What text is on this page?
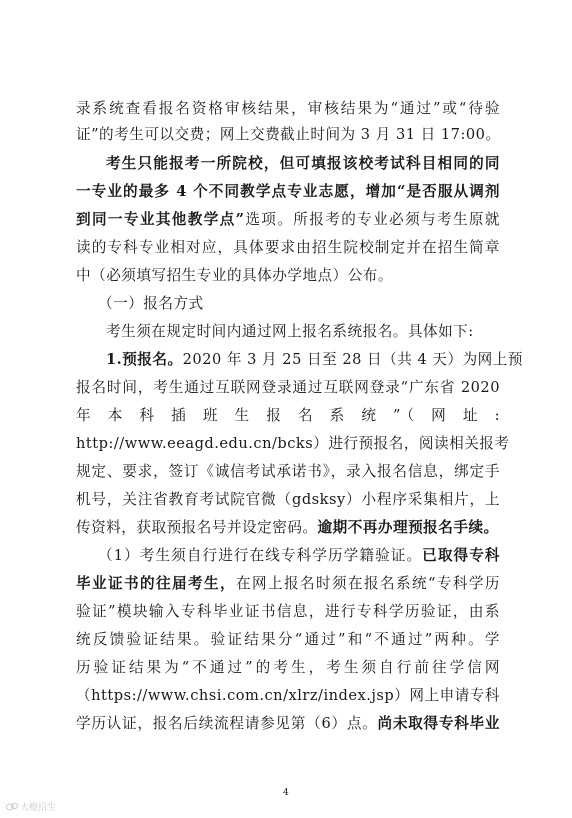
录系统查看报名资格审核结果，审核结果为“通过”或“待验
证”的考生可以交费；网上交费截止时间为 3 月 31 日 17:00。
考生只能报考一所院校，但可填报该校考试科目相同的同
一专业的最多 4 个不同教学点专业志愿，增加“是否服从调剂
到同一专业其他教学点”选项。所报考的专业必须与考生原就
读的专科专业相对应，具体要求由招生院校制定并在招生简章
中（必须填写招生专业的具体办学地点）公布。
（一）报名方式
考生须在规定时间内通过网上报名系统报名。具体如下:
1.预报名。2020 年 3 月 25 日至 28 日（共 4 天）为网上预
报名时间，考生通过互联网登录通过互联网登录“广东省 2020
年 本 科 插 班 生 报 名 系 统 ”（ 网 址 :
http://www.eeagd.edu.cn/bcks）进行预报名，阅读相关报考
规定、要求，签订《诚信考试承诺书》，录入报名信息，绑定手
机号，关注省教育考试院官微（gdsksy）小程序采集相片，上
传资料，获取预报名号并设定密码。逾期不再办理预报名手续。
（1）考生须自行进行在线专科学历学籍验证。已取得专科
毕业证书的往届考生，在网上报名时须在报名系统“专科学历
验证”模块输入专科毕业证书信息，进行专科学历验证，由系
统反馈验证结果。验证结果分“通过”和“不通过”两种。学
历验证结果为“不通过”的考生，考生须自行前往学信网
（https://www.chsi.com.cn/xlrz/index.jsp）网上申请专科
学历认证，报名后续流程请参见第（6）点。尚未取得专科毕业
4
大橙招生
